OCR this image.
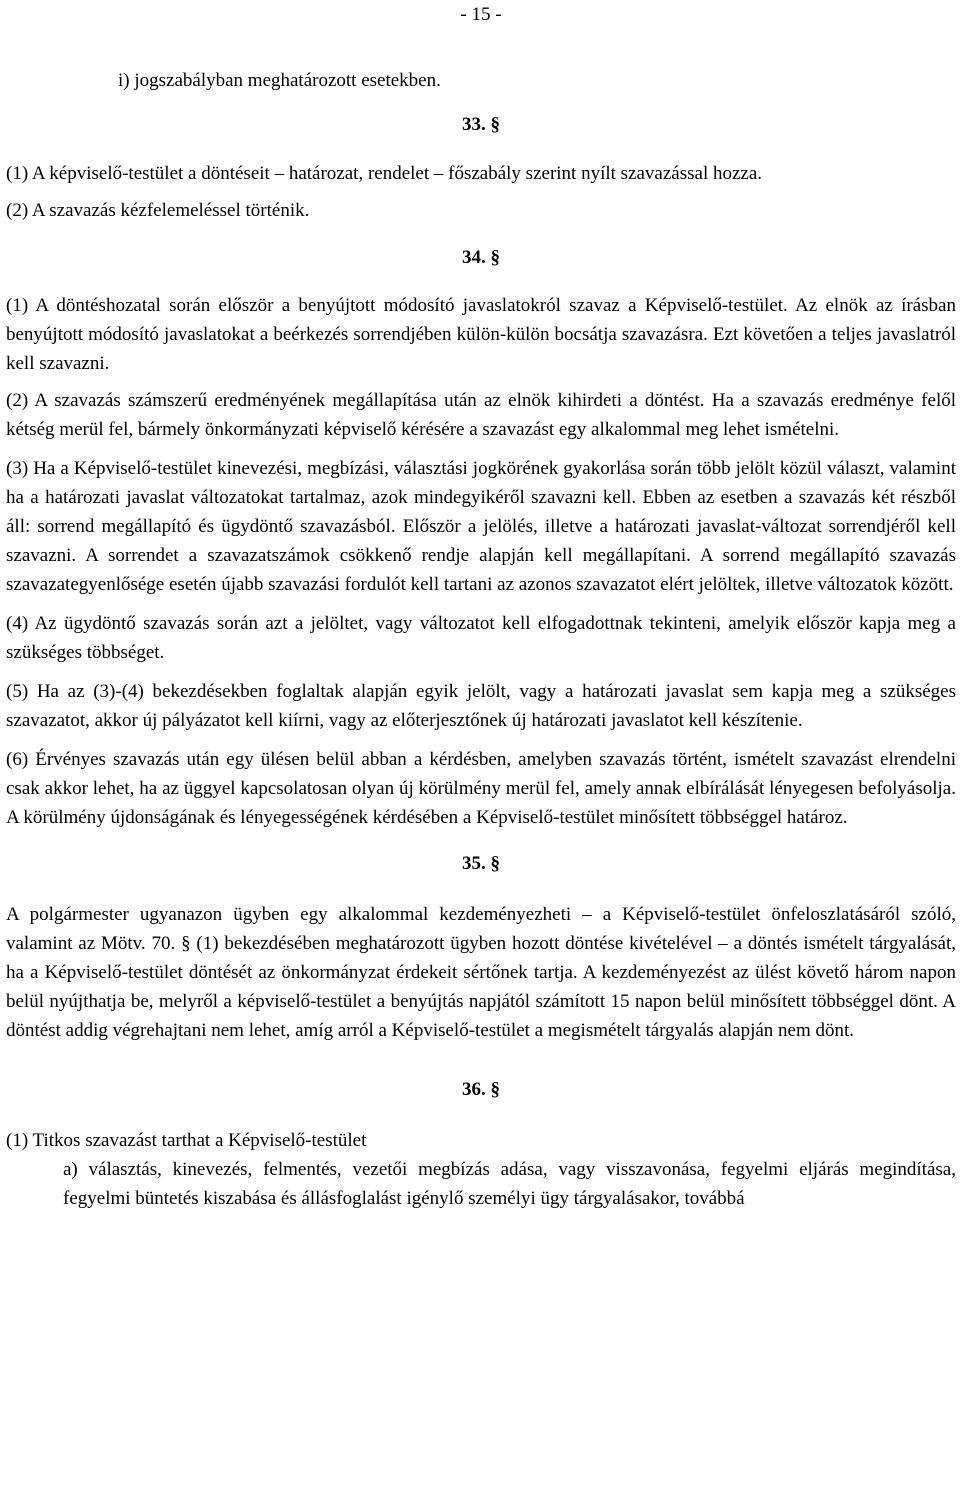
- 15 -

i) jogszabályban meghatározott esetekben.

33. §

(1) A képviselő-testület a döntéseit – határozat, rendelet – főszabály szerint nyílt szavazással hozza.

(2) A szavazás kézfelemeléssel történik.

34. §

(1) A döntéshozatal során először a benyújtott módosító javaslatokról szavaz a Képviselő-testület. Az elnök az írásban benyújtott módosító javaslatokat a beérkezés sorrendjében külön-külön bocsátja szavazásra. Ezt követően a teljes javaslatról kell szavazni.

(2) A szavazás számszerű eredményének megállapítása után az elnök kihirdeti a döntést. Ha a szavazás eredménye felől kétség merül fel, bármely önkormányzati képviselő kérésére a szavazást egy alkalommal meg lehet ismételni.

(3) Ha a Képviselő-testület kinevezési, megbízási, választási jogkörének gyakorlása során több jelölt közül választ, valamint ha a határozati javaslat változatokat tartalmaz, azok mindegyikéről szavazni kell. Ebben az esetben a szavazás két részből áll: sorrend megállapító és ügydöntő szavazásból. Először a jelölés, illetve a határozati javaslat-változat sorrendjéről kell szavazni. A sorrendet a szavazatszámok csökkenő rendje alapján kell megállapítani. A sorrend megállapító szavazás szavazategyenlősége esetén újabb szavazási fordulót kell tartani az azonos szavazatot elért jelöltek, illetve változatok között.

(4) Az ügydöntő szavazás során azt a jelöltet, vagy változatot kell elfogadottnak tekinteni, amelyik először kapja meg a szükséges többséget.

(5) Ha az (3)-(4) bekezdésekben foglaltak alapján egyik jelölt, vagy a határozati javaslat sem kapja meg a szükséges szavazatot, akkor új pályázatot kell kiírni, vagy az előterjesztőnek új határozati javaslatot kell készítenie.

(6) Érvényes szavazás után egy ülésen belül abban a kérdésben, amelyben szavazás történt, ismételt szavazást elrendelni csak akkor lehet, ha az üggyel kapcsolatosan olyan új körülmény merül fel, amely annak elbírálását lényegesen befolyásolja. A körülmény újdonságának és lényegességének kérdésében a Képviselő-testület minősített többséggel határoz.

35. §

A polgármester ugyanazon ügyben egy alkalommal kezdeményezheti – a Képviselő-testület önfeloszlatásáról szóló, valamint az Mötv. 70. § (1) bekezdésében meghatározott ügyben hozott döntése kivételével – a döntés ismételt tárgyalását, ha a Képviselő-testület döntését az önkormányzat érdekeit sértőnek tartja. A kezdeményezést az ülést követő három napon belül nyújthatja be, melyről a képviselő-testület a benyújtás napjától számított 15 napon belül minősített többséggel dönt. A döntést addig végrehajtani nem lehet, amíg arról a Képviselő-testület a megismételt tárgyalás alapján nem dönt.

36. §

(1) Titkos szavazást tarthat a Képviselő-testület

a) választás, kinevezés, felmentés, vezetői megbízás adása, vagy visszavonása, fegyelmi eljárás megindítása, fegyelmi büntetés kiszabása és állásfoglalást igénylő személyi ügy tárgyalásakor, továbbá
